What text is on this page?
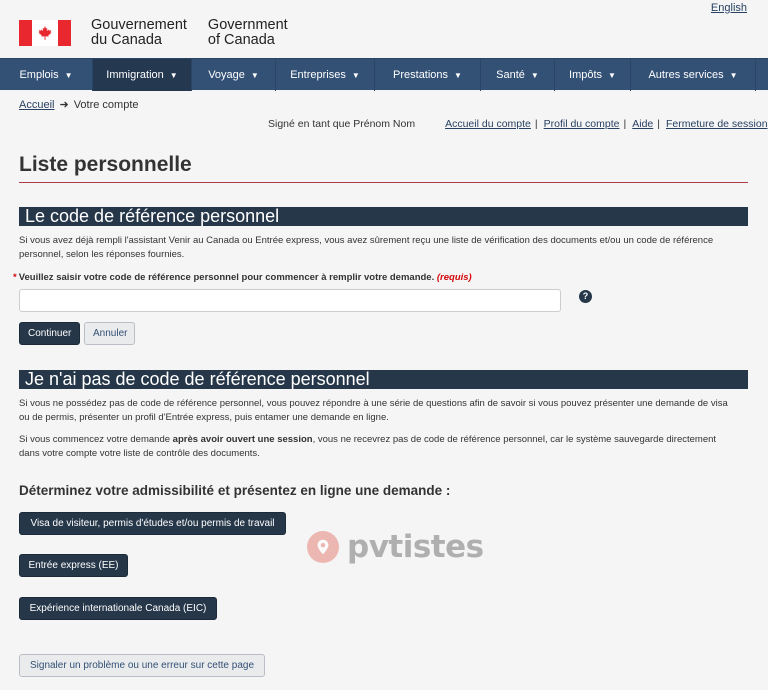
English
Gouvernement
du Canada
Government
of Canada
Emplois ▼	Immigration ▼	Voyage ▼	Entreprises ▼	Prestations ▼	Santé ▼	Impôts ▼	Autres services ▼
Accueil ➜ Votre compte
Signé en tant que Prénom Nom	Accueil du compte | Profil du compte | Aide | Fermeture de session
Liste personnelle
Le code de référence personnel

Si vous avez déjà rempli l'assistant Venir au Canada ou Entrée express, vous avez sûrement reçu une liste de vérification des documents et/ou un code de référence personnel, selon les réponses fournies.

* Veuillez saisir votre code de référence personnel pour commencer à remplir votre demande. (requis)
?
Continuer	Annuler
Je n'ai pas de code de référence personnel

Si vous ne possédez pas de code de référence personnel, vous pouvez répondre à une série de questions afin de savoir si vous pouvez présenter une demande de visa ou de permis, présenter un profil d'Entrée express, puis entamer une demande en ligne.

Si vous commencez votre demande après avoir ouvert une session, vous ne recevrez pas de code de référence personnel, car le système sauvegarde directement dans votre compte votre liste de contrôle des documents.

Déterminez votre admissibilité et présentez en ligne une demande :
Visa de visiteur, permis d'études et/ou permis de travail
Entrée express (EE)
Expérience internationale Canada (EIC)
Signaler un problème ou une erreur sur cette page
pvtistes
